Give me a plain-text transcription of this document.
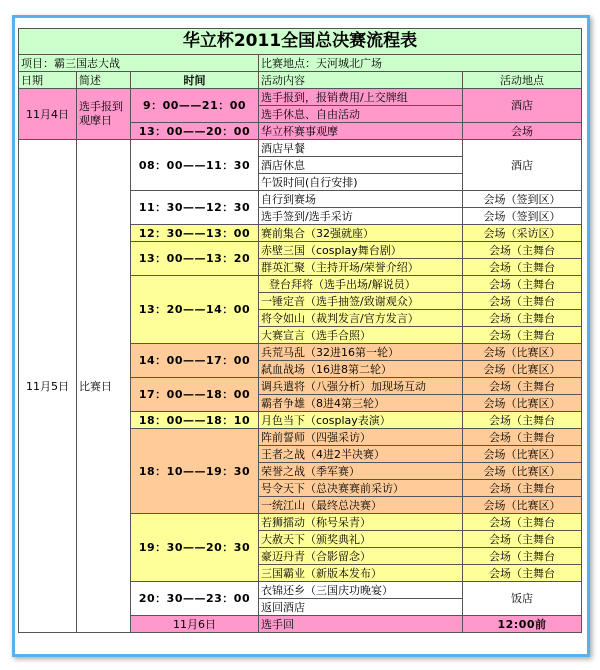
华立杯2011全国总决赛流程表					
项目：霸三国志大战			比赛地点：天河城北广场		
日期	简述	时间	活动内容	活动地点	
11月4日	选手报到 观摩日	9：00——21：00	选手报到，报销费用/上交牌组	酒店	
			选手休息、自由活动		
		13：00——20：00	华立杯赛事观摩	会场	
11月5日	比赛日	08：00——11：30	酒店早餐	酒店	
			酒店休息		
			午饭时间(自行安排)		
		11：30——12：30	自行到赛场	会场（签到区）	
			选手签到/选手采访	会场（签到区）	
		12：30——13：00	赛前集合（32强就座）	会场（采访区）	
		13：00——13：20	赤壁三国（cosplay舞台剧）	会场（主舞台	
			群英汇聚（主持开场/荣誉介绍）	会场（主舞台	
		13：20——14：00	登台拜将（选手出场/解说员）	会场（主舞台	
			一锤定音（选手抽签/致谢观众）	会场（主舞台	
			将令如山（裁判发言/官方发言）	会场（主舞台	
			大赛宣言（选手合照）	会场（主舞台	
		14：00——17：00	兵荒马乱（32进16第一轮）	会场（比赛区）	
			弑血战场（16进8第二轮）	会场（比赛区）	
		17：00——18：00	调兵遣将（八强分析）加现场互动	会场（主舞台	
			霸者争雄（8进4第三轮）	会场（比赛区）	
		18：00——18：10	月色当下（cosplay表演）	会场（主舞台	
		18：10——19：30	阵前誓师（四强采访）	会场（主舞台	
			王者之战（4进2半决赛）	会场（比赛区）	
			荣誉之战（季军赛）	会场（比赛区）	
			号令天下（总决赛赛前采访）	会场（主舞台	
			一统江山（最终总决赛）	会场（比赛区）	
		19：30——20：30	若狮擂动（称号呆青）	会场（主舞台	
			大赦天下（颁奖典礼）	会场（主舞台	
			豪迈丹青（合影留念）	会场（主舞台	
			三国霸业（新版本发布）	会场（主舞台	
		20：30——23：00	衣锦还乡（三国庆功晚宴）	饭店	
			返回酒店		
		11月6日	选手回	12:00前		
